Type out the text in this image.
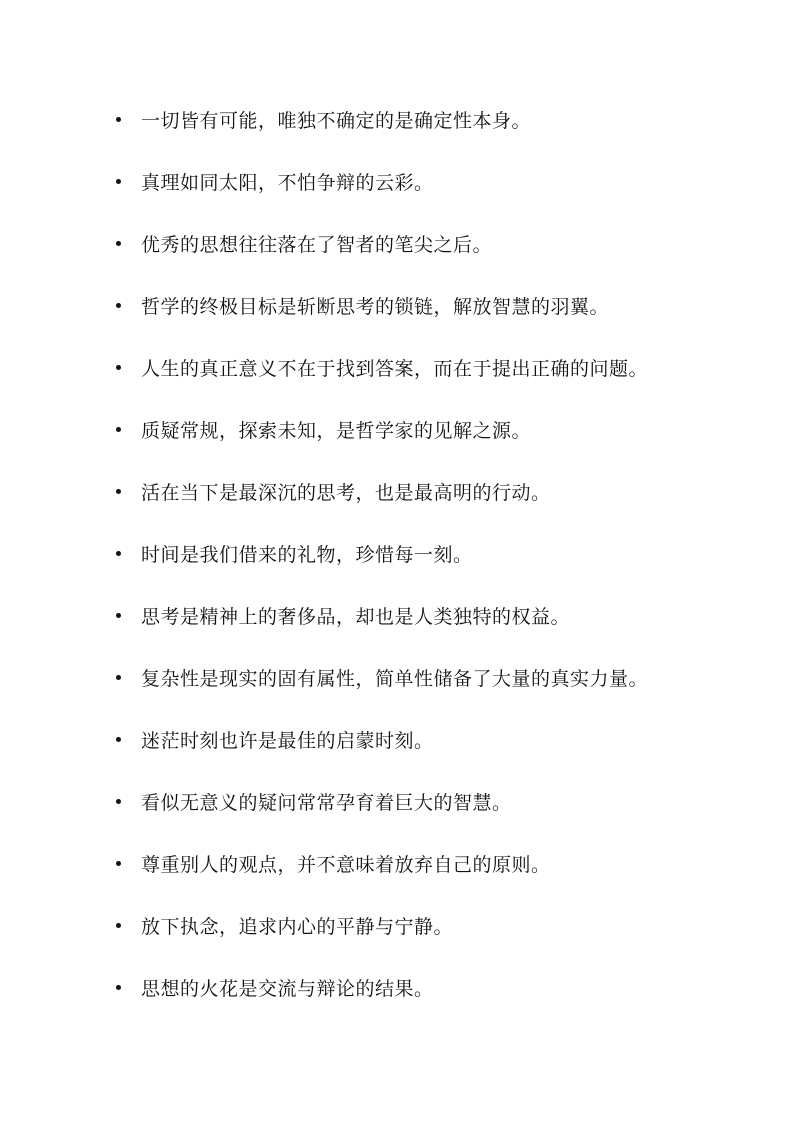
一切皆有可能，唯独不确定的是确定性本身。
真理如同太阳，不怕争辩的云彩。
优秀的思想往往落在了智者的笔尖之后。
哲学的终极目标是斩断思考的锁链，解放智慧的羽翼。
人生的真正意义不在于找到答案，而在于提出正确的问题。
质疑常规，探索未知，是哲学家的见解之源。
活在当下是最深沉的思考，也是最高明的行动。
时间是我们借来的礼物，珍惜每一刻。
思考是精神上的奢侈品，却也是人类独特的权益。
复杂性是现实的固有属性，简单性储备了大量的真实力量。
迷茫时刻也许是最佳的启蒙时刻。
看似无意义的疑问常常孕育着巨大的智慧。
尊重别人的观点，并不意味着放弃自己的原则。
放下执念，追求内心的平静与宁静。
思想的火花是交流与辩论的结果。
